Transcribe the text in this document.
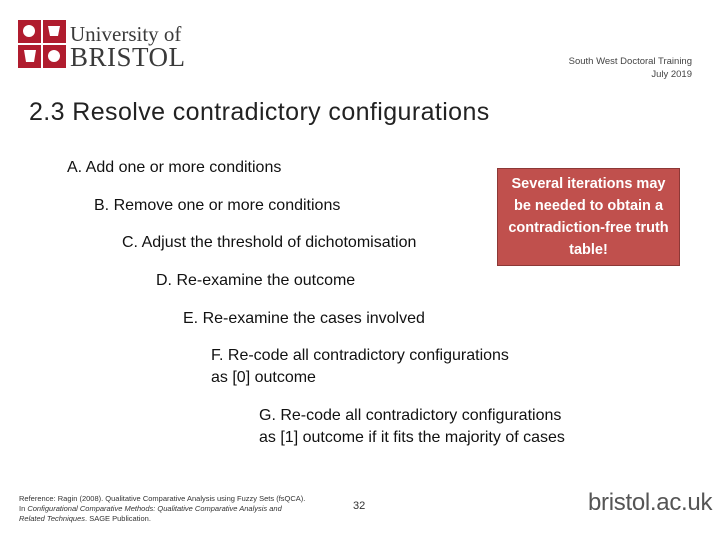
University of
BRISTOL	South West Doctoral Training
July 2019
2.3 Resolve contradictory configurations
A. Add one or more conditions
B. Remove one or more conditions
C. Adjust the threshold of dichotomisation
D. Re-examine the outcome
E. Re-examine the cases involved
F. Re-code all contradictory configurations
as [0] outcome
G. Re-code all contradictory configurations
as [1] outcome if it fits the majority of cases
Several iterations may be needed to obtain a contradiction-free truth table!
Reference: Ragin (2008). Qualitative Comparative Analysis using Fuzzy Sets (fsQCA). In Configurational Comparative Methods: Qualitative Comparative Analysis and Related Techniques. SAGE Publication.
32	bristol.ac.uk
